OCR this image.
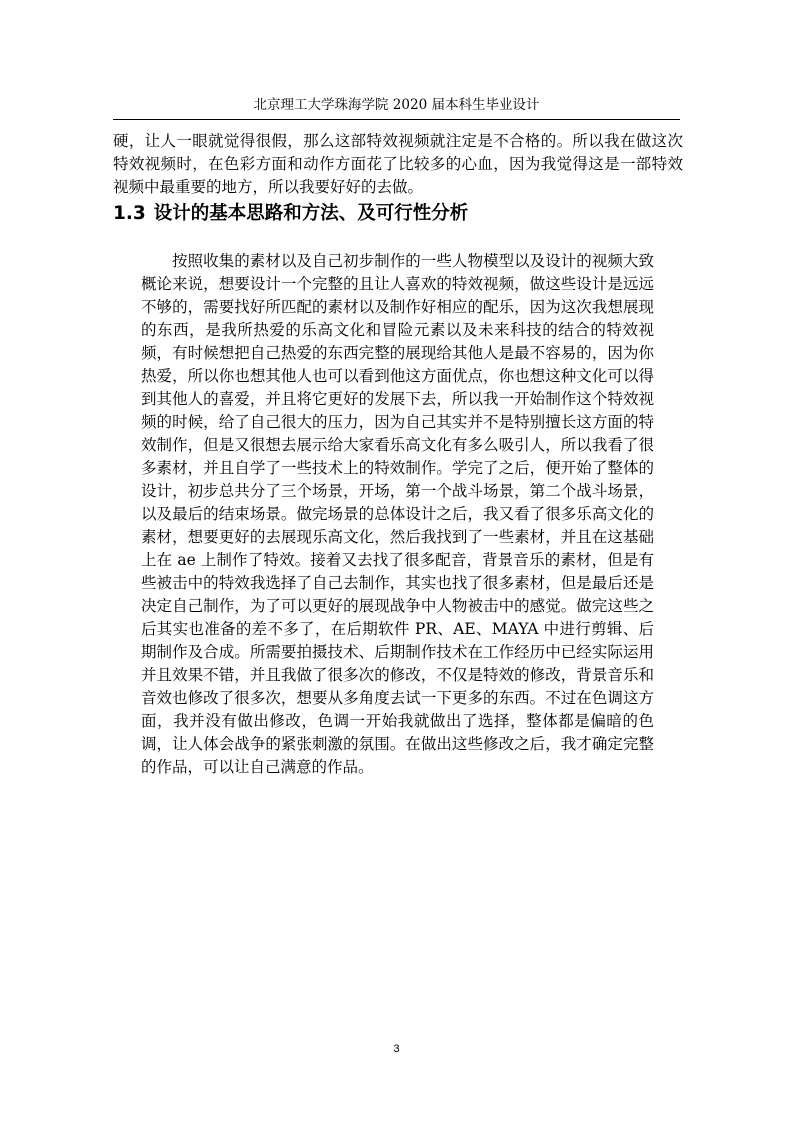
北京理工大学珠海学院 2020 届本科生毕业设计

硬，让人一眼就觉得很假，那么这部特效视频就注定是不合格的。所以我在做这次特效视频时，在色彩方面和动作方面花了比较多的心血，因为我觉得这是一部特效视频中最重要的地方，所以我要好好的去做。

1.3 设计的基本思路和方法、及可行性分析

按照收集的素材以及自己初步制作的一些人物模型以及设计的视频大致概论来说，想要设计一个完整的且让人喜欢的特效视频，做这些设计是远远不够的，需要找好所匹配的素材以及制作好相应的配乐，因为这次我想展现的东西，是我所热爱的乐高文化和冒险元素以及未来科技的结合的特效视频，有时候想把自己热爱的东西完整的展现给其他人是最不容易的，因为你热爱，所以你也想其他人也可以看到他这方面优点，你也想这种文化可以得到其他人的喜爱，并且将它更好的发展下去，所以我一开始制作这个特效视频的时候，给了自己很大的压力，因为自己其实并不是特别擅长这方面的特效制作，但是又很想去展示给大家看乐高文化有多么吸引人，所以我看了很多素材，并且自学了一些技术上的特效制作。学完了之后，便开始了整体的设计，初步总共分了三个场景，开场，第一个战斗场景，第二个战斗场景，以及最后的结束场景。做完场景的总体设计之后，我又看了很多乐高文化的素材，想要更好的去展现乐高文化，然后我找到了一些素材，并且在这基础上在 ae 上制作了特效。接着又去找了很多配音，背景音乐的素材，但是有些被击中的特效我选择了自己去制作，其实也找了很多素材，但是最后还是决定自己制作，为了可以更好的展现战争中人物被击中的感觉。做完这些之后其实也准备的差不多了，在后期软件 PR、AE、MAYA 中进行剪辑、后期制作及合成。所需要拍摄技术、后期制作技术在工作经历中已经实际运用并且效果不错，并且我做了很多次的修改，不仅是特效的修改，背景音乐和音效也修改了很多次，想要从多角度去试一下更多的东西。不过在色调这方面，我并没有做出修改，色调一开始我就做出了选择，整体都是偏暗的色调，让人体会战争的紧张刺激的氛围。在做出这些修改之后，我才确定完整的作品，可以让自己满意的作品。

3
